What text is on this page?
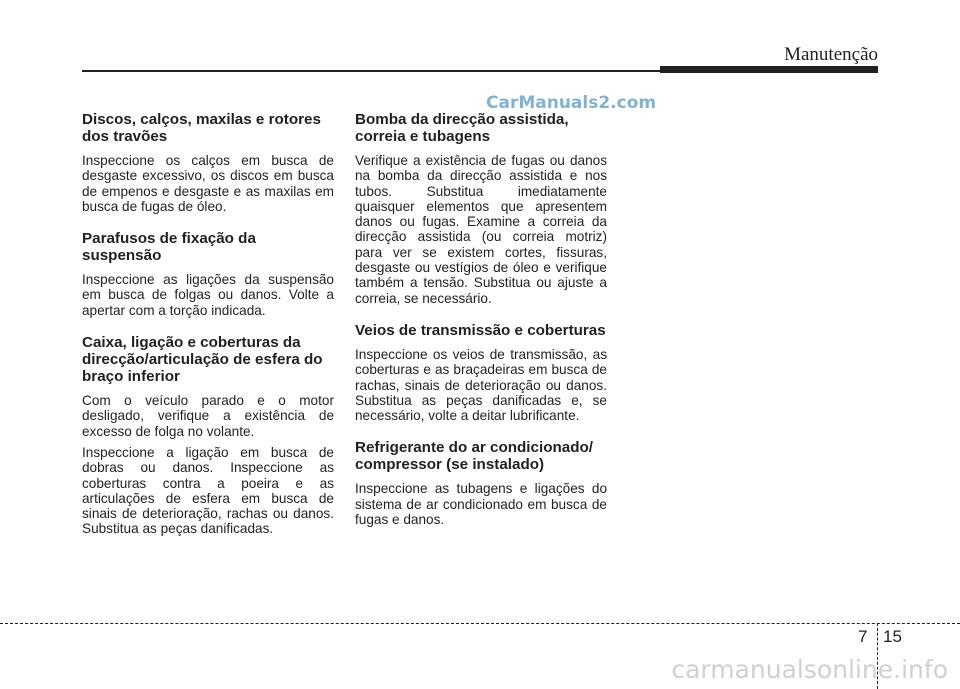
Manutenção
CarManuals2.com
Discos, calços, maxilas e rotores dos travões

Inspeccione os calços em busca de desgaste excessivo, os discos em busca de empenos e desgaste e as maxilas em busca de fugas de óleo.

Parafusos de fixação da suspensão

Inspeccione as ligações da suspensão em busca de folgas ou danos. Volte a apertar com a torção indicada.

Caixa, ligação e coberturas da direcção/articulação de esfera do braço inferior

Com o veículo parado e o motor desligado, verifique a existência de excesso de folga no volante.

Inspeccione a ligação em busca de dobras ou danos. Inspeccione as coberturas contra a poeira e as articulações de esfera em busca de sinais de deterioração, rachas ou danos. Substitua as peças danificadas.

Bomba da direcção assistida, correia e tubagens

Verifique a existência de fugas ou danos na bomba da direcção assistida e nos tubos. Substitua imediatamente quaisquer elementos que apresentem danos ou fugas. Examine a correia da direcção assistida (ou correia motriz) para ver se existem cortes, fissuras, desgaste ou vestígios de óleo e verifique também a tensão. Substitua ou ajuste a correia, se necessário.

Veios de transmissão e coberturas

Inspeccione os veios de transmissão, as coberturas e as braçadeiras em busca de rachas, sinais de deterioração ou danos. Substitua as peças danificadas e, se necessário, volte a deitar lubrificante.

Refrigerante do ar condicionado/ compressor (se instalado)

Inspeccione as tubagens e ligações do sistema de ar condicionado em busca de fugas e danos.

7 15
carmanualsonline.info
